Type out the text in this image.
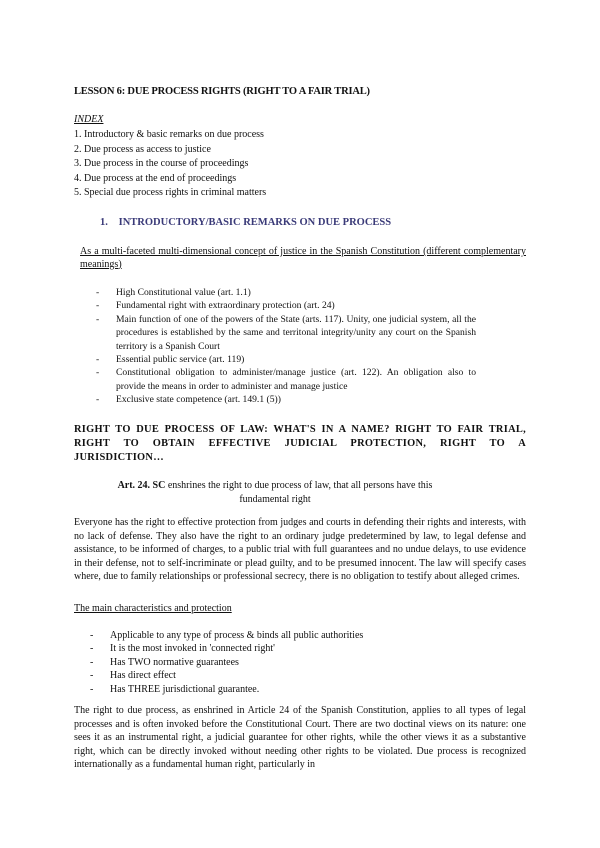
LESSON 6: DUE PROCESS RIGHTS (RIGHT TO A FAIR TRIAL)
INDEX
1. Introductory & basic remarks on due process
2. Due process as access to justice
3. Due process in the course of proceedings
4. Due process at the end of proceedings
5. Special due process rights in criminal matters
1. INTRODUCTORY/BASIC REMARKS ON DUE PROCESS
As a multi-faceted multi-dimensional concept of justice in the Spanish Constitution (different complementary meanings)
-	High Constitutional value (art. 1.1)
-	Fundamental right with extraordinary protection (art. 24)
-	Main function of one of the powers of the State (arts. 117). Unity, one judicial system, all the procedures is established by the same and territonal integrity/unity any court on the Spanish territory is a Spanish Court
-	Essential public service (art. 119)
-	Constitutional obligation to administer/manage justice (art. 122). An obligation also to provide the means in order to administer and manage justice
-	Exclusive state competence (art. 149.1 (5))
RIGHT TO DUE PROCESS OF LAW: WHAT'S IN A NAME? RIGHT TO FAIR TRIAL, RIGHT TO OBTAIN EFFECTIVE JUDICIAL PROTECTION, RIGHT TO A JURISDICTION…
Art. 24. SC enshrines the right to due process of law, that all persons have this fundamental right
Everyone has the right to effective protection from judges and courts in defending their rights and interests, with no lack of defense. They also have the right to an ordinary judge predetermined by law, to legal defense and assistance, to be informed of charges, to a public trial with full guarantees and no undue delays, to use evidence in their defense, not to self-incriminate or plead guilty, and to be presumed innocent. The law will specify cases where, due to family relationships or professional secrecy, there is no obligation to testify about alleged crimes.
The main characteristics and protection
-	Applicable to any type of process & binds all public authorities
-	It is the most invoked in 'connected right'
-	Has TWO normative guarantees
-	Has direct effect
-	Has THREE jurisdictional guarantee.
The right to due process, as enshrined in Article 24 of the Spanish Constitution, applies to all types of legal processes and is often invoked before the Constitutional Court. There are two doctinal views on its nature: one sees it as an instrumental right, a judicial guarantee for other rights, while the other views it as a substantive right, which can be directly invoked without needing other rights to be violated. Due process is recognized internationally as a fundamental human right, particularly in
